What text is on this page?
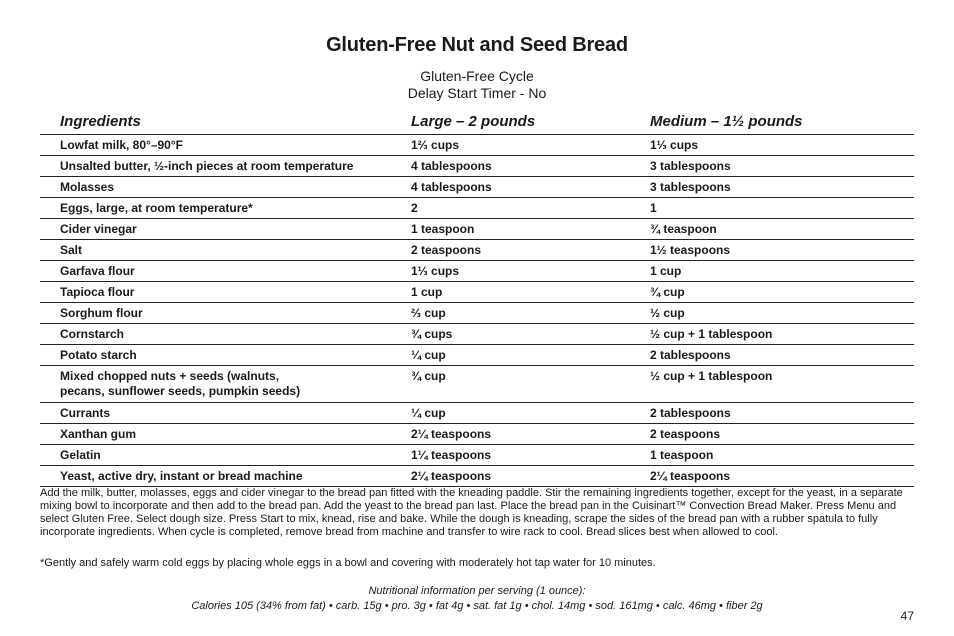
Gluten-Free Nut and Seed Bread
Gluten-Free Cycle
Delay Start Timer - No
Ingredients	Large – 2 pounds	Medium – 1½ pounds
Lowfat milk, 80°–90°F	1⅔ cups	1⅓ cups
Unsalted butter, ½-inch pieces at room temperature	4 tablespoons	3 tablespoons
Molasses	4 tablespoons	3 tablespoons
Eggs, large, at room temperature*	2	1
Cider vinegar	1 teaspoon	¾ teaspoon
Salt	2 teaspoons	1½ teaspoons
Garfava flour	1⅓ cups	1 cup
Tapioca flour	1 cup	¾ cup
Sorghum flour	⅔ cup	½ cup
Cornstarch	¾ cups	½ cup + 1 tablespoon
Potato starch	¼ cup	2 tablespoons
Mixed chopped nuts + seeds (walnuts,
pecans, sunflower seeds, pumpkin seeds)
¾ cup	½ cup + 1 tablespoon
Currants	¼ cup	2 tablespoons
Xanthan gum	2¼ teaspoons	2 teaspoons
Gelatin	1¼ teaspoons	1 teaspoon
Yeast, active dry, instant or bread machine	2¼ teaspoons	2¼ teaspoons
Add the milk, butter, molasses, eggs and cider vinegar to the bread pan fitted with the kneading paddle. Stir the remaining ingredients together, except for the yeast, in a separate mixing bowl to incorporate and then add to the bread pan. Add the yeast to the bread pan last. Place the bread pan in the Cuisinart™ Convection Bread Maker. Press Menu and select Gluten Free. Select dough size. Press Start to mix, knead, rise and bake. While the dough is kneading, scrape the sides of the bread pan with a rubber spatula to fully incorporate ingredients. When cycle is completed, remove bread from machine and transfer to wire rack to cool. Bread slices best when allowed to cool.
*Gently and safely warm cold eggs by placing whole eggs in a bowl and covering with moderately hot tap water for 10 minutes.
Nutritional information per serving (1 ounce):
Calories 105 (34% from fat) • carb. 15g • pro. 3g • fat 4g • sat. fat 1g • chol. 14mg • sod. 161mg • calc. 46mg • fiber 2g
47
